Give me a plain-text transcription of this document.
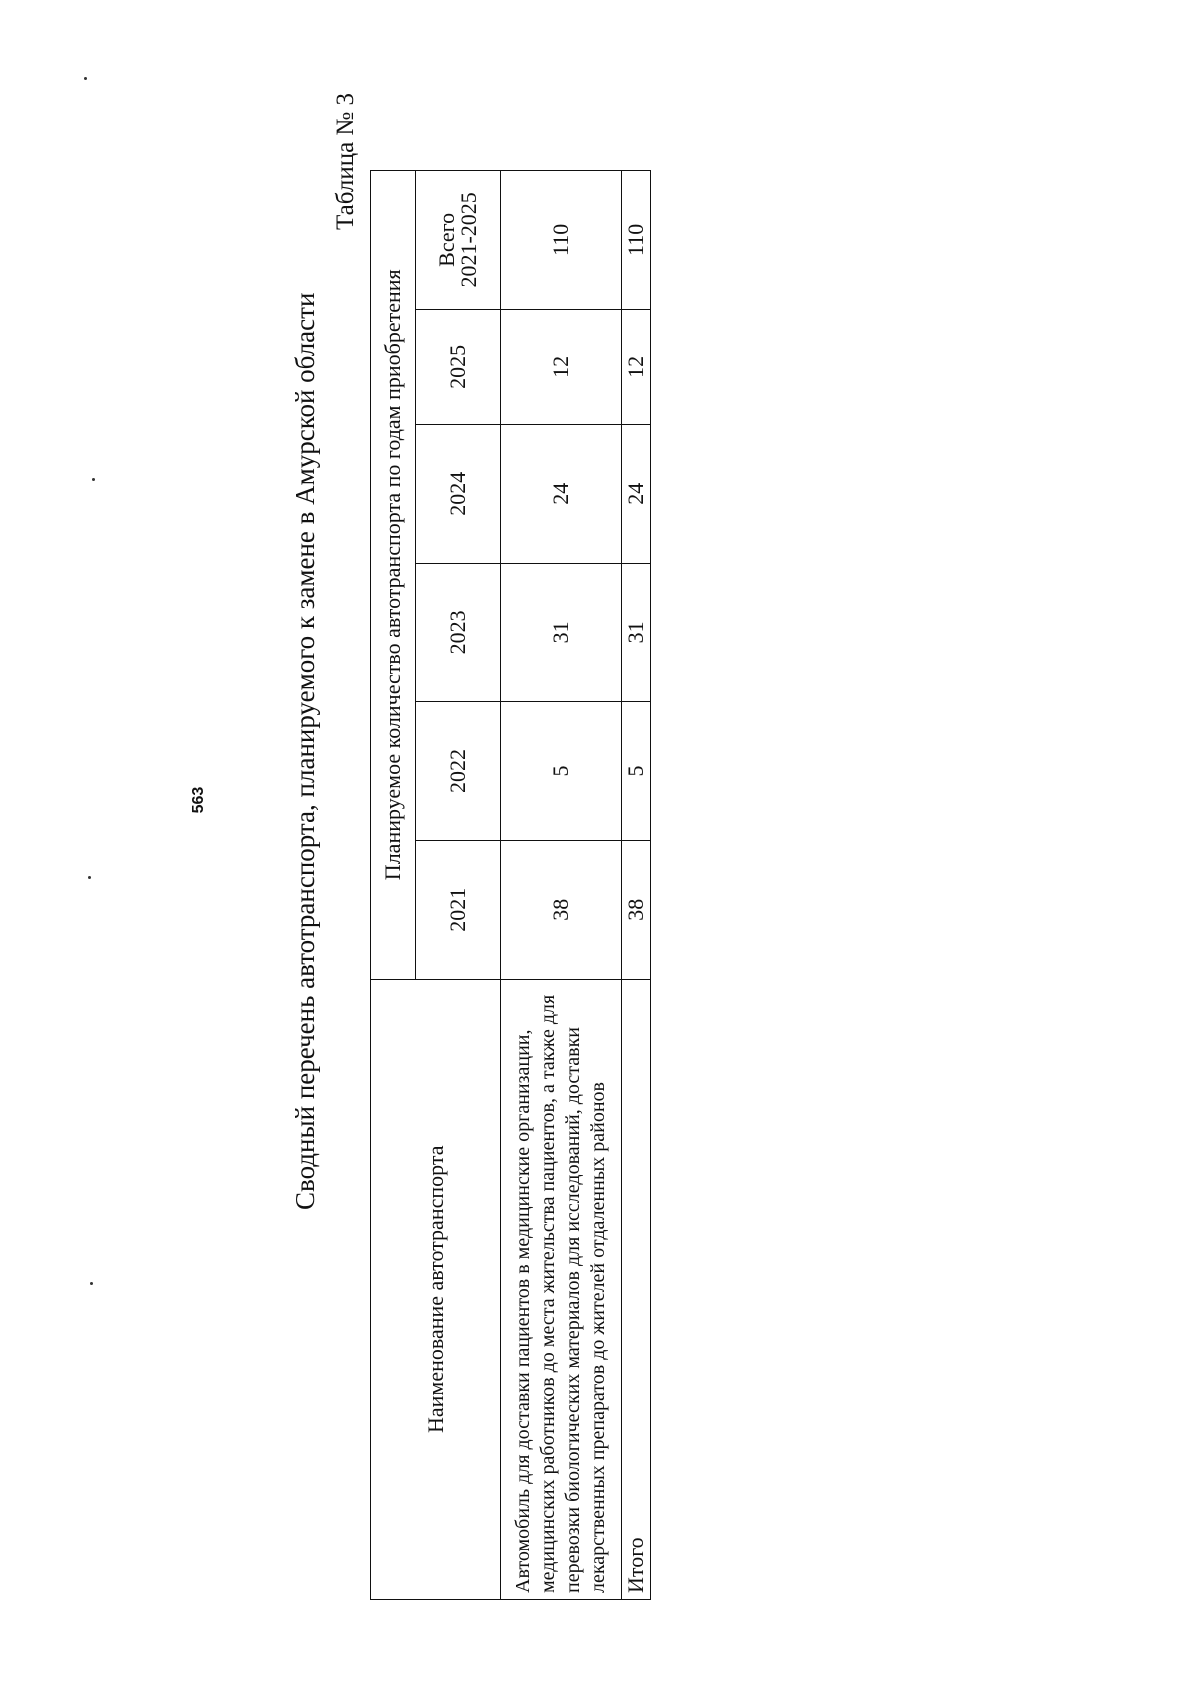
563	Сводный перечень автотранспорта, планируемого к замене в Амурской области
Таблица № 3
Наименование автотранспорта	Планируемое количество автотранспорта по годам приобретения					
	2021	2022	2023	2024	2025	Всего
2021-2025

Автомобиль для доставки пациентов в медицинские организации, медицинских работников до места жительства пациентов, а также для перевозки биологических материалов для исследований, доставки лекарственных препаратов до жителей отдаленных районов	38	5	31	24	12	110
Итого	38	5	31	24	12	110
